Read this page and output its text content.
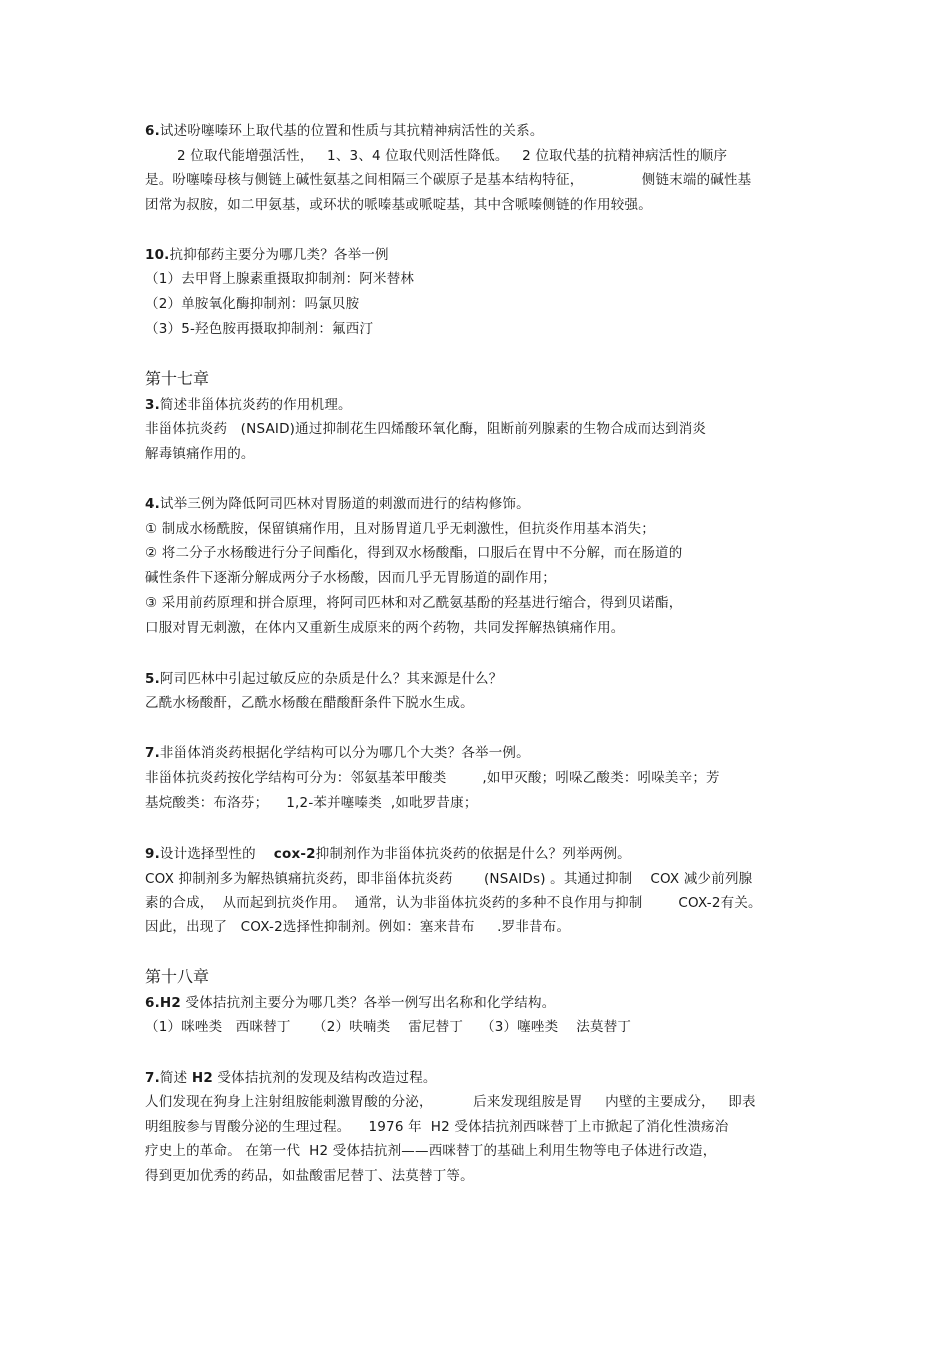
6.试述吩噻嗪环上取代基的位置和性质与其抗精神病活性的关系。
2 位取代能增强活性，   1、3、4 位取代则活性降低。   2 位取代基的抗精神病活性的顺序
是。吩噻嗪母核与侧链上碱性氨基之间相隔三个碳原子是基本结构特征，             侧链末端的碱性基
团常为叔胺，如二甲氨基，或环状的哌嗪基或哌啶基，其中含哌嗪侧链的作用较强。
10.抗抑郁药主要分为哪几类？各举一例
（1）去甲肾上腺素重摄取抑制剂：阿米替林
（2）单胺氧化酶抑制剂：吗氯贝胺
（3）5-羟色胺再摄取抑制剂：氟西汀
第十七章
3.简述非甾体抗炎药的作用机理。
非甾体抗炎药   (NSAID)通过抑制花生四烯酸环氧化酶，阻断前列腺素的生物合成而达到消炎
解毒镇痛作用的。
4.试举三例为降低阿司匹林对胃肠道的刺激而进行的结构修饰。
① 制成水杨酰胺，保留镇痛作用，且对肠胃道几乎无刺激性，但抗炎作用基本消失；
② 将二分子水杨酸进行分子间酯化，得到双水杨酸酯，口服后在胃中不分解，而在肠道的
碱性条件下逐渐分解成两分子水杨酸，因而几乎无胃肠道的副作用；
③ 采用前药原理和拼合原理，将阿司匹林和对乙酰氨基酚的羟基进行缩合，得到贝诺酯，
口服对胃无刺激，在体内又重新生成原来的两个药物，共同发挥解热镇痛作用。
5.阿司匹林中引起过敏反应的杂质是什么？其来源是什么？
乙酰水杨酸酐，乙酰水杨酸在醋酸酐条件下脱水生成。
7.非甾体消炎药根据化学结构可以分为哪几个大类？各举一例。
非甾体抗炎药按化学结构可分为：邻氨基苯甲酸类        ,如甲灭酸；吲哚乙酸类：吲哚美辛；芳
基烷酸类：布洛芬；    1,2-苯并噻嗪类  ,如吡罗昔康；
9.设计选择型性的    cox-2抑制剂作为非甾体抗炎药的依据是什么？列举两例。
COX 抑制剂多为解热镇痛抗炎药，即非甾体抗炎药       (NSAIDs) 。其通过抑制    COX 减少前列腺
素的合成，  从而起到抗炎作用。  通常，认为非甾体抗炎药的多种不良作用与抑制        COX-2有关。
因此，出现了   COX-2选择性抑制剂。例如：塞来昔布     .罗非昔布。
第十八章
6.H2 受体拮抗剂主要分为哪几类？各举一例写出名称和化学结构。
（1）咪唑类   西咪替丁     （2）呋喃类    雷尼替丁    （3）噻唑类    法莫替丁
7.简述 H2 受体拮抗剂的发现及结构改造过程。
人们发现在狗身上注射组胺能刺激胃酸的分泌，         后来发现组胺是胃     内壁的主要成分，   即表
明组胺参与胃酸分泌的生理过程。    1976 年  H2 受体拮抗剂西咪替丁上市掀起了消化性溃疡治
疗史上的革命。 在第一代  H2 受体拮抗剂——西咪替丁的基础上利用生物等电子体进行改造，
得到更加优秀的药品，如盐酸雷尼替丁、法莫替丁等。
